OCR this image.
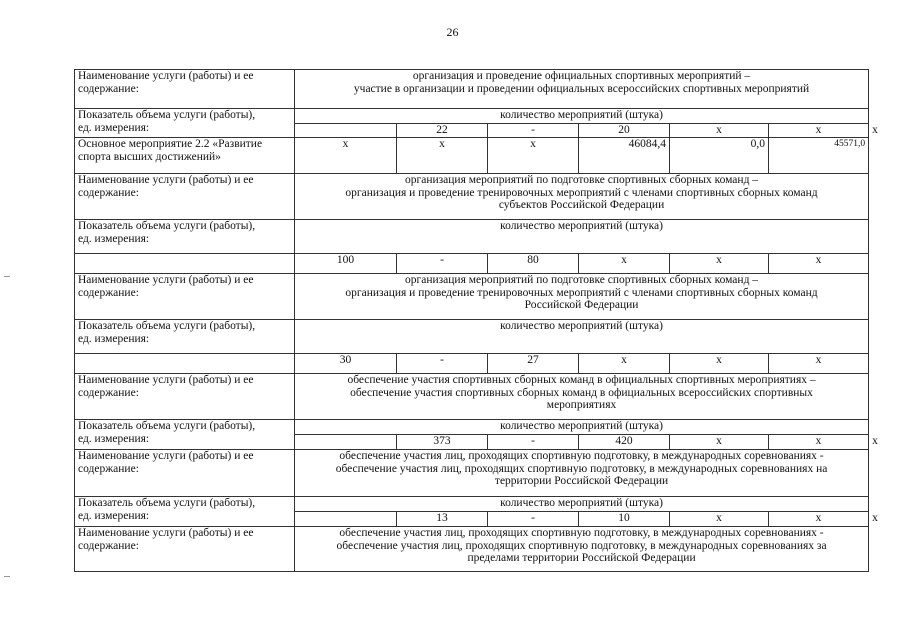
26
Наименование услуги (работы) и ее
содержание:	организация и проведение официальных спортивных мероприятий –
участие в организации и проведении официальных всероссийских спортивных мероприятий						

Показатель объема услуги (работы),
ед. измерения:	количество мероприятий (штука)						
		22	-	20	х	х	х

Основное мероприятие 2.2 «Развитие
спорта высших достижений»	х	х	х	46084,4	0,0	45571,0	

Наименование услуги (работы) и ее
содержание:	организация мероприятий по подготовке спортивных сборных команд –
организация и проведение тренировочных мероприятий с членами спортивных сборных команд
субъектов Российской Федерации						

Показатель объема услуги (работы),
ед. измерения:	количество мероприятий (штука)						
	100	-	80	х	х	х	

Наименование услуги (работы) и ее
содержание:	организация мероприятий по подготовке спортивных сборных команд –
организация и проведение тренировочных мероприятий с членами спортивных сборных команд
Российской Федерации						

Показатель объема услуги (работы),
ед. измерения:	количество мероприятий (штука)						
	30	-	27	х	х	х	

Наименование услуги (работы) и ее
содержание:	обеспечение участия спортивных сборных команд в официальных спортивных мероприятиях –
обеспечение участия спортивных сборных команд в официальных всероссийских спортивных
мероприятиях						

Показатель объема услуги (работы),
ед. измерения:	количество мероприятий (штука)						
		373	-	420	х	х	х

Наименование услуги (работы) и ее
содержание:	обеспечение участия лиц, проходящих спортивную подготовку, в международных соревнованиях -
обеспечение участия лиц, проходящих спортивную подготовку, в международных соревнованиях на
территории Российской Федерации						

Показатель объема услуги (работы),
ед. измерения:	количество мероприятий (штука)						
		13	-	10	х	х	х

Наименование услуги (работы) и ее
содержание:	обеспечение участия лиц, проходящих спортивную подготовку, в международных соревнованиях -
обеспечение участия лиц, проходящих спортивную подготовку, в международных соревнованиях за
пределами территории Российской Федерации						
